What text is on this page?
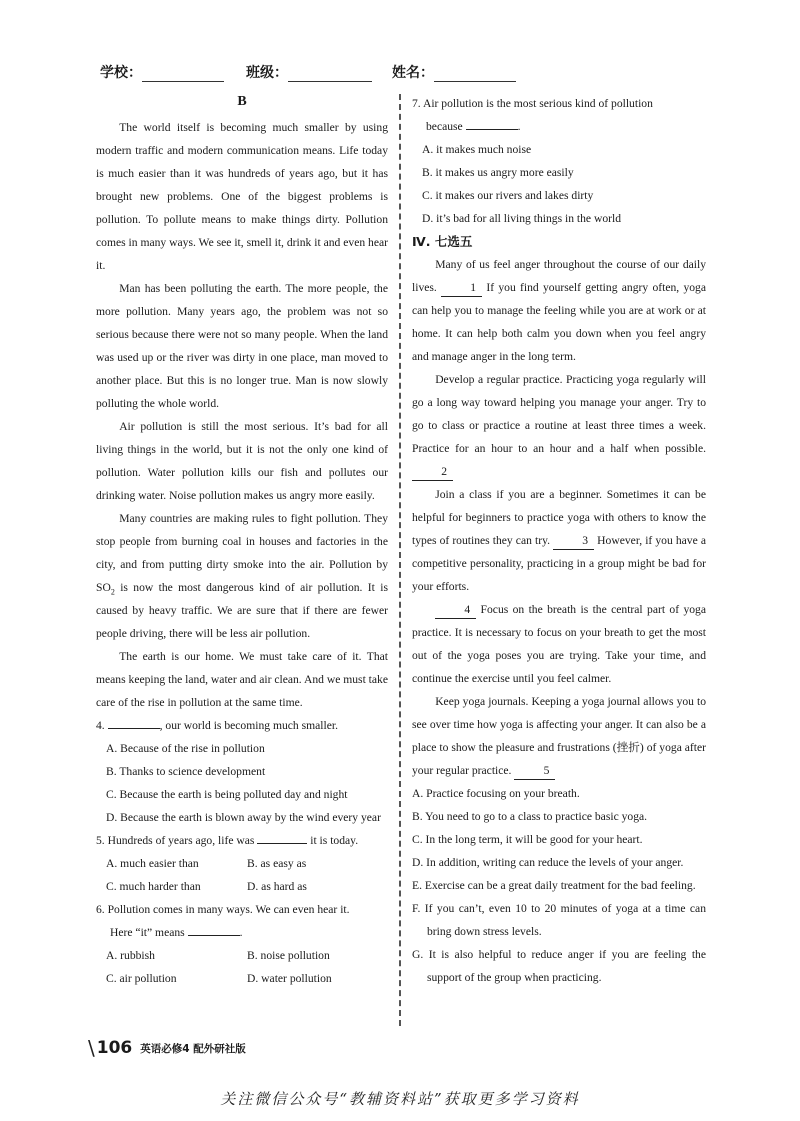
学校：	班级：	姓名：
B

The world itself is becoming much smaller by using modern traffic and modern communication means. Life today is much easier than it was hundreds of years ago, but it has brought new problems. One of the biggest problems is pollution. To pollute means to make things dirty. Pollution comes in many ways. We see it, smell it, drink it and even hear it.

Man has been polluting the earth. The more people, the more pollution. Many years ago, the problem was not so serious because there were not so many people. When the land was used up or the river was dirty in one place, man moved to another place. But this is no longer true. Man is now slowly polluting the whole world.

Air pollution is still the most serious. It’s bad for all living things in the world, but it is not the only one kind of pollution. Water pollution kills our fish and pollutes our drinking water. Noise pollution makes us angry more easily.

Many countries are making rules to fight pollution. They stop people from burning coal in houses and factories in the city, and from putting dirty smoke into the air. Pollution by $SO_2$ is now the most dangerous kind of air pollution. It is caused by heavy traffic. We are sure that if there are fewer people driving, there will be less air pollution.

The earth is our home. We must take care of it. That means keeping the land, water and air clean. And we must take care of the rise in pollution at the same time.

4.	, our world is becoming much smaller.

A. Because of the rise in pollution

B. Thanks to science development

C. Because the earth is being polluted day and night

D. Because the earth is blown away by the wind every year

5. Hundreds of years ago, life was	it is today.

A. much easier than	B. as easy as
C. much harder than	D. as hard as

6. Pollution comes in many ways. We can even hear it.
Here “it” means	.

A. rubbish	B. noise pollution
C. air pollution	D. water pollution

7. Air pollution is the most serious kind of pollution
because	.

A. it makes much noise

B. it makes us angry more easily

C. it makes our rivers and lakes dirty

D. it’s bad for all living things in the world

Ⅳ. 七选五

Many of us feel anger throughout the course of our daily lives.	1 If you find yourself getting angry often, yoga can help you to manage the feeling while you are at work or at home. It can help both calm you down when you feel angry and manage anger in the long term.

Develop a regular practice. Practicing yoga regularly will go a long way toward helping you manage your anger. Try to go to class or practice a routine at least three times a week. Practice for an hour to an hour and a half when possible. 2

Join a class if you are a beginner. Sometimes it can be helpful for beginners to practice yoga with others to know the types of routines they can try.	3 However, if you have a competitive personality, practicing in a group might be bad for your efforts.

4 Focus on the breath is the central part of yoga practice. It is necessary to focus on your breath to get the most out of the yoga poses you are trying. Take your time, and continue the exercise until you feel calmer.

Keep yoga journals. Keeping a yoga journal allows you to see over time how yoga is affecting your anger. It can also be a place to show the pleasure and frustrations (挫折) of yoga after your regular practice.	5

A. Practice focusing on your breath.

B. You need to go to a class to practice basic yoga.

C. In the long term, it will be good for your heart.

D. In addition, writing can reduce the levels of your anger.

E. Exercise can be a great daily treatment for the bad feeling.

F. If you can’t, even 10 to 20 minutes of yoga at a time can bring down stress levels.

G. It is also helpful to reduce anger if you are feeling the support of the group when practicing.

\ 106 英语必修4 配外研社版
关注微信公众号“教辅资料站”获取更多学习资料
